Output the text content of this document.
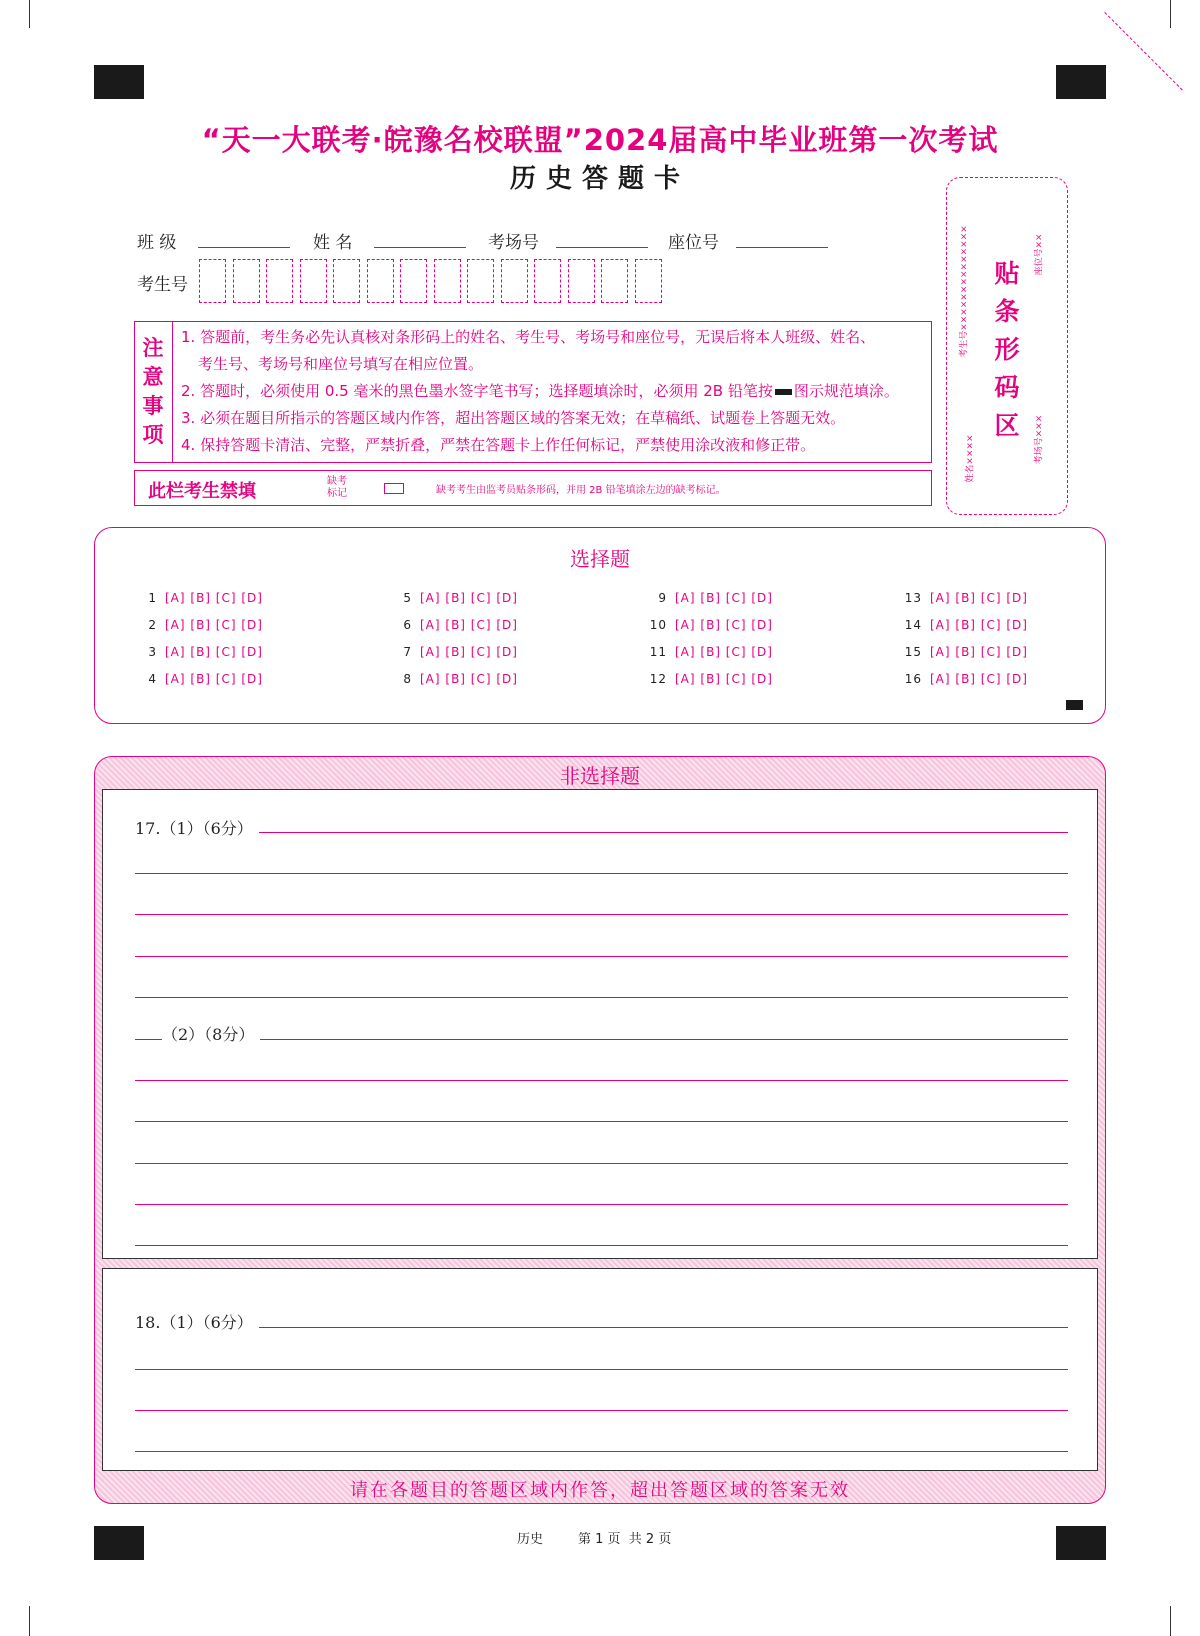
“天一大联考·皖豫名校联盟”2024届高中毕业班第一次考试
历史答题卡
班 级	姓 名	考场号	座位号
考生号
注
意
事
项
1. 答题前，考生务必先认真核对条形码上的姓名、考生号、考场号和座位号，无误后将本人班级、姓名、
考生号、考场号和座位号填写在相应位置。
2. 答题时，必须使用 0.5 毫米的黑色墨水签字笔书写；选择题填涂时，必须用 2B 铅笔按 图示规范填涂。
3. 必须在题目所指示的答题区域内作答，超出答题区域的答案无效；在草稿纸、试题卷上答题无效。
4. 保持答题卡清洁、完整，严禁折叠，严禁在答题卡上作任何标记，严禁使用涂改液和修正带。
此栏考生禁填	缺考
标记	缺考考生由监考员贴条形码，并用 2B 铅笔填涂左边的缺考标记。
贴
条
形
码
区
考生号××××××××××××××
姓名××××
座位号××
考场号×××
选择题
1 [A] [B] [C] [D]
2 [A] [B] [C] [D]
3 [A] [B] [C] [D]
4 [A] [B] [C] [D]
5 [A] [B] [C] [D]
6 [A] [B] [C] [D]
7 [A] [B] [C] [D]
8 [A] [B] [C] [D]
9 [A] [B] [C] [D]
10 [A] [B] [C] [D]
11 [A] [B] [C] [D]
12 [A] [B] [C] [D]
13 [A] [B] [C] [D]
14 [A] [B] [C] [D]
15 [A] [B] [C] [D]
16 [A] [B] [C] [D]
非选择题
请在各题目的答题区域内作答，超出答题区域的答案无效
17.（1）（6分）
（2）（8分）
18.（1）（6分）
历史	第 1 页  共 2 页
